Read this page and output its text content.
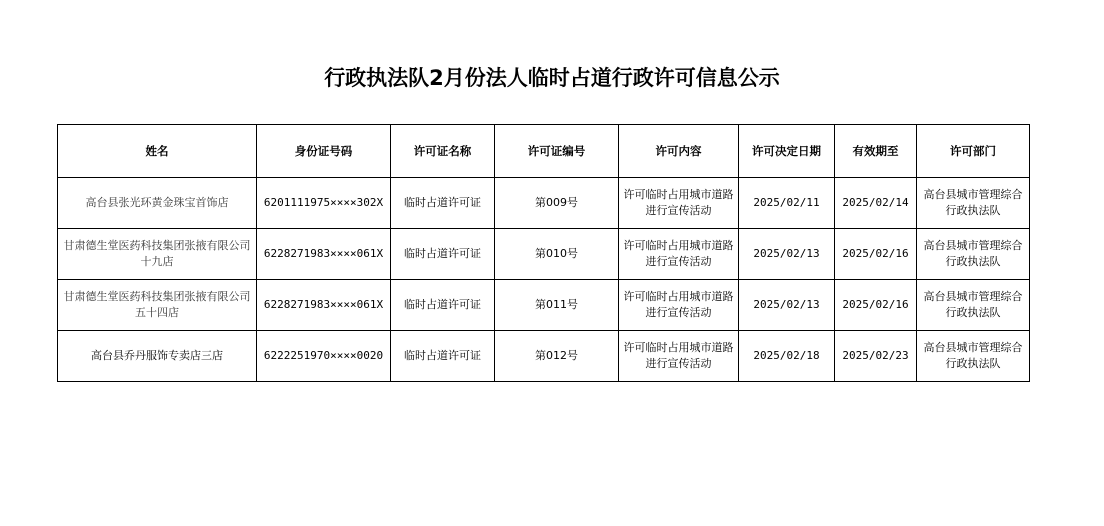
行政执法队2月份法人临时占道行政许可信息公示
姓名	身份证号码	许可证名称	许可证编号	许可内容	许可决定日期	有效期至	许可部门
高台县张光环黄金珠宝首饰店	6201111975××××302X	临时占道许可证	第009号	许可临时占用城市道路进行宣传活动	2025/02/11	2025/02/14	高台县城市管理综合行政执法队
甘肃德生堂医药科技集团张掖有限公司十九店	6228271983××××061X	临时占道许可证	第010号	许可临时占用城市道路进行宣传活动	2025/02/13	2025/02/16	高台县城市管理综合行政执法队
甘肃德生堂医药科技集团张掖有限公司五十四店	6228271983××××061X	临时占道许可证	第011号	许可临时占用城市道路进行宣传活动	2025/02/13	2025/02/16	高台县城市管理综合行政执法队
高台县乔丹服饰专卖店三店	6222251970××××0020	临时占道许可证	第012号	许可临时占用城市道路进行宣传活动	2025/02/18	2025/02/23	高台县城市管理综合行政执法队
